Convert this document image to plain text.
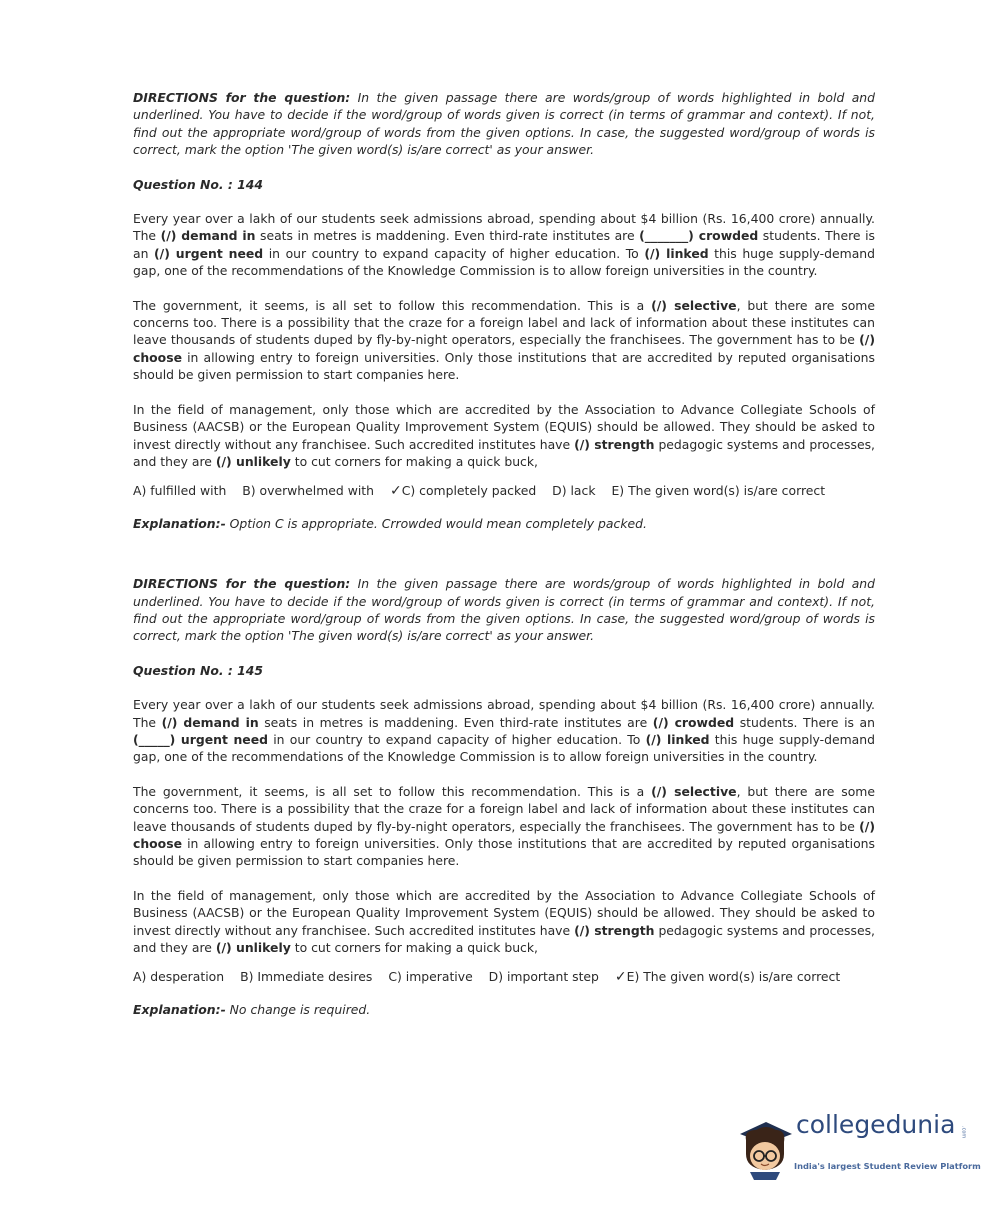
DIRECTIONS for the question: In the given passage there are words/group of words highlighted in bold and underlined. You have to decide if the word/group of words given is correct (in terms of grammar and context). If not, find out the appropriate word/group of words from the given options. In case, the suggested word/group of words is correct, mark the option 'The given word(s) is/are correct' as your answer.

Question No. : 144

Every year over a lakh of our students seek admissions abroad, spending about $4 billion (Rs. 16,400 crore) annually. The (/) demand in seats in metres is maddening. Even third-rate institutes are (_______) crowded students. There is an (/) urgent need in our country to expand capacity of higher education. To (/) linked this huge supply-demand gap, one of the recommendations of the Knowledge Commission is to allow foreign universities in the country.

The government, it seems, is all set to follow this recommendation. This is a (/) selective, but there are some concerns too. There is a possibility that the craze for a foreign label and lack of information about these institutes can leave thousands of students duped by fly-by-night operators, especially the franchisees. The government has to be (/) choose in allowing entry to foreign universities. Only those institutions that are accredited by reputed organisations should be given permission to start companies here.

In the field of management, only those which are accredited by the Association to Advance Collegiate Schools of Business (AACSB) or the European Quality Improvement System (EQUIS) should be allowed. They should be asked to invest directly without any franchisee. Such accredited institutes have (/) strength pedagogic systems and processes, and they are (/) unlikely to cut corners for making a quick buck,

A) fulfilled with B) overwhelmed with ✓C) completely packed D) lack E) The given word(s) is/are correct

Explanation:- Option C is appropriate. Crrowded would mean completely packed.

DIRECTIONS for the question: In the given passage there are words/group of words highlighted in bold and underlined. You have to decide if the word/group of words given is correct (in terms of grammar and context). If not, find out the appropriate word/group of words from the given options. In case, the suggested word/group of words is correct, mark the option 'The given word(s) is/are correct' as your answer.

Question No. : 145

Every year over a lakh of our students seek admissions abroad, spending about $4 billion (Rs. 16,400 crore) annually. The (/) demand in seats in metres is maddening. Even third-rate institutes are (/) crowded students. There is an (_____) urgent need in our country to expand capacity of higher education. To (/) linked this huge supply-demand gap, one of the recommendations of the Knowledge Commission is to allow foreign universities in the country.

The government, it seems, is all set to follow this recommendation. This is a (/) selective, but there are some concerns too. There is a possibility that the craze for a foreign label and lack of information about these institutes can leave thousands of students duped by fly-by-night operators, especially the franchisees. The government has to be (/) choose in allowing entry to foreign universities. Only those institutions that are accredited by reputed organisations should be given permission to start companies here.

In the field of management, only those which are accredited by the Association to Advance Collegiate Schools of Business (AACSB) or the European Quality Improvement System (EQUIS) should be allowed. They should be asked to invest directly without any franchisee. Such accredited institutes have (/) strength pedagogic systems and processes, and they are (/) unlikely to cut corners for making a quick buck,

A) desperation B) Immediate desires C) imperative D) important step ✓E) The given word(s) is/are correct

Explanation:- No change is required.

collegedunia	.com
India's largest Student Review Platform
